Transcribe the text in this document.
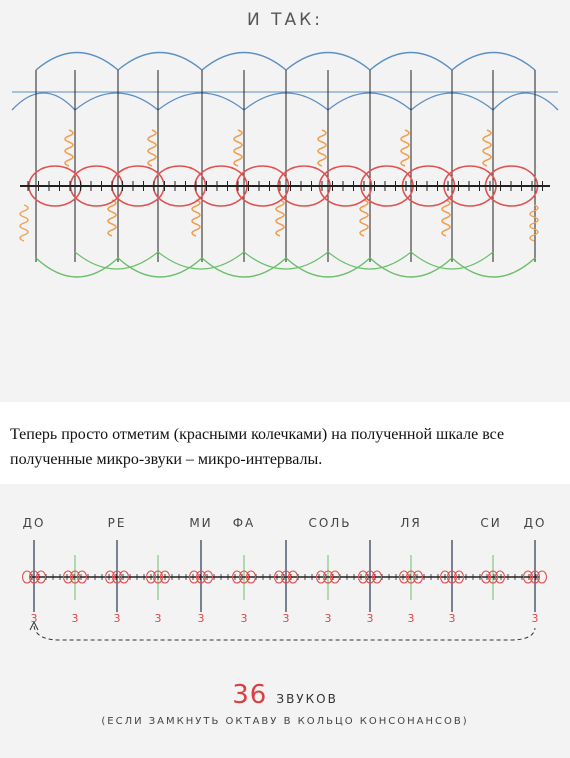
И ТАК:
Теперь просто отметим (красными колечками) на полученной шкале все полученные микро-звуки – микро-интервалы.
ДО	РЕ	МИ ФА	СОЛЬ	ЛЯ	СИ ДО
3	3	3	3	3	3	3	3	3	3	3	3
36 ЗВУКОВ
(ЕСЛИ ЗАМКНУТЬ ОКТАВУ В КОЛЬЦО КОНСОНАНСОВ)
